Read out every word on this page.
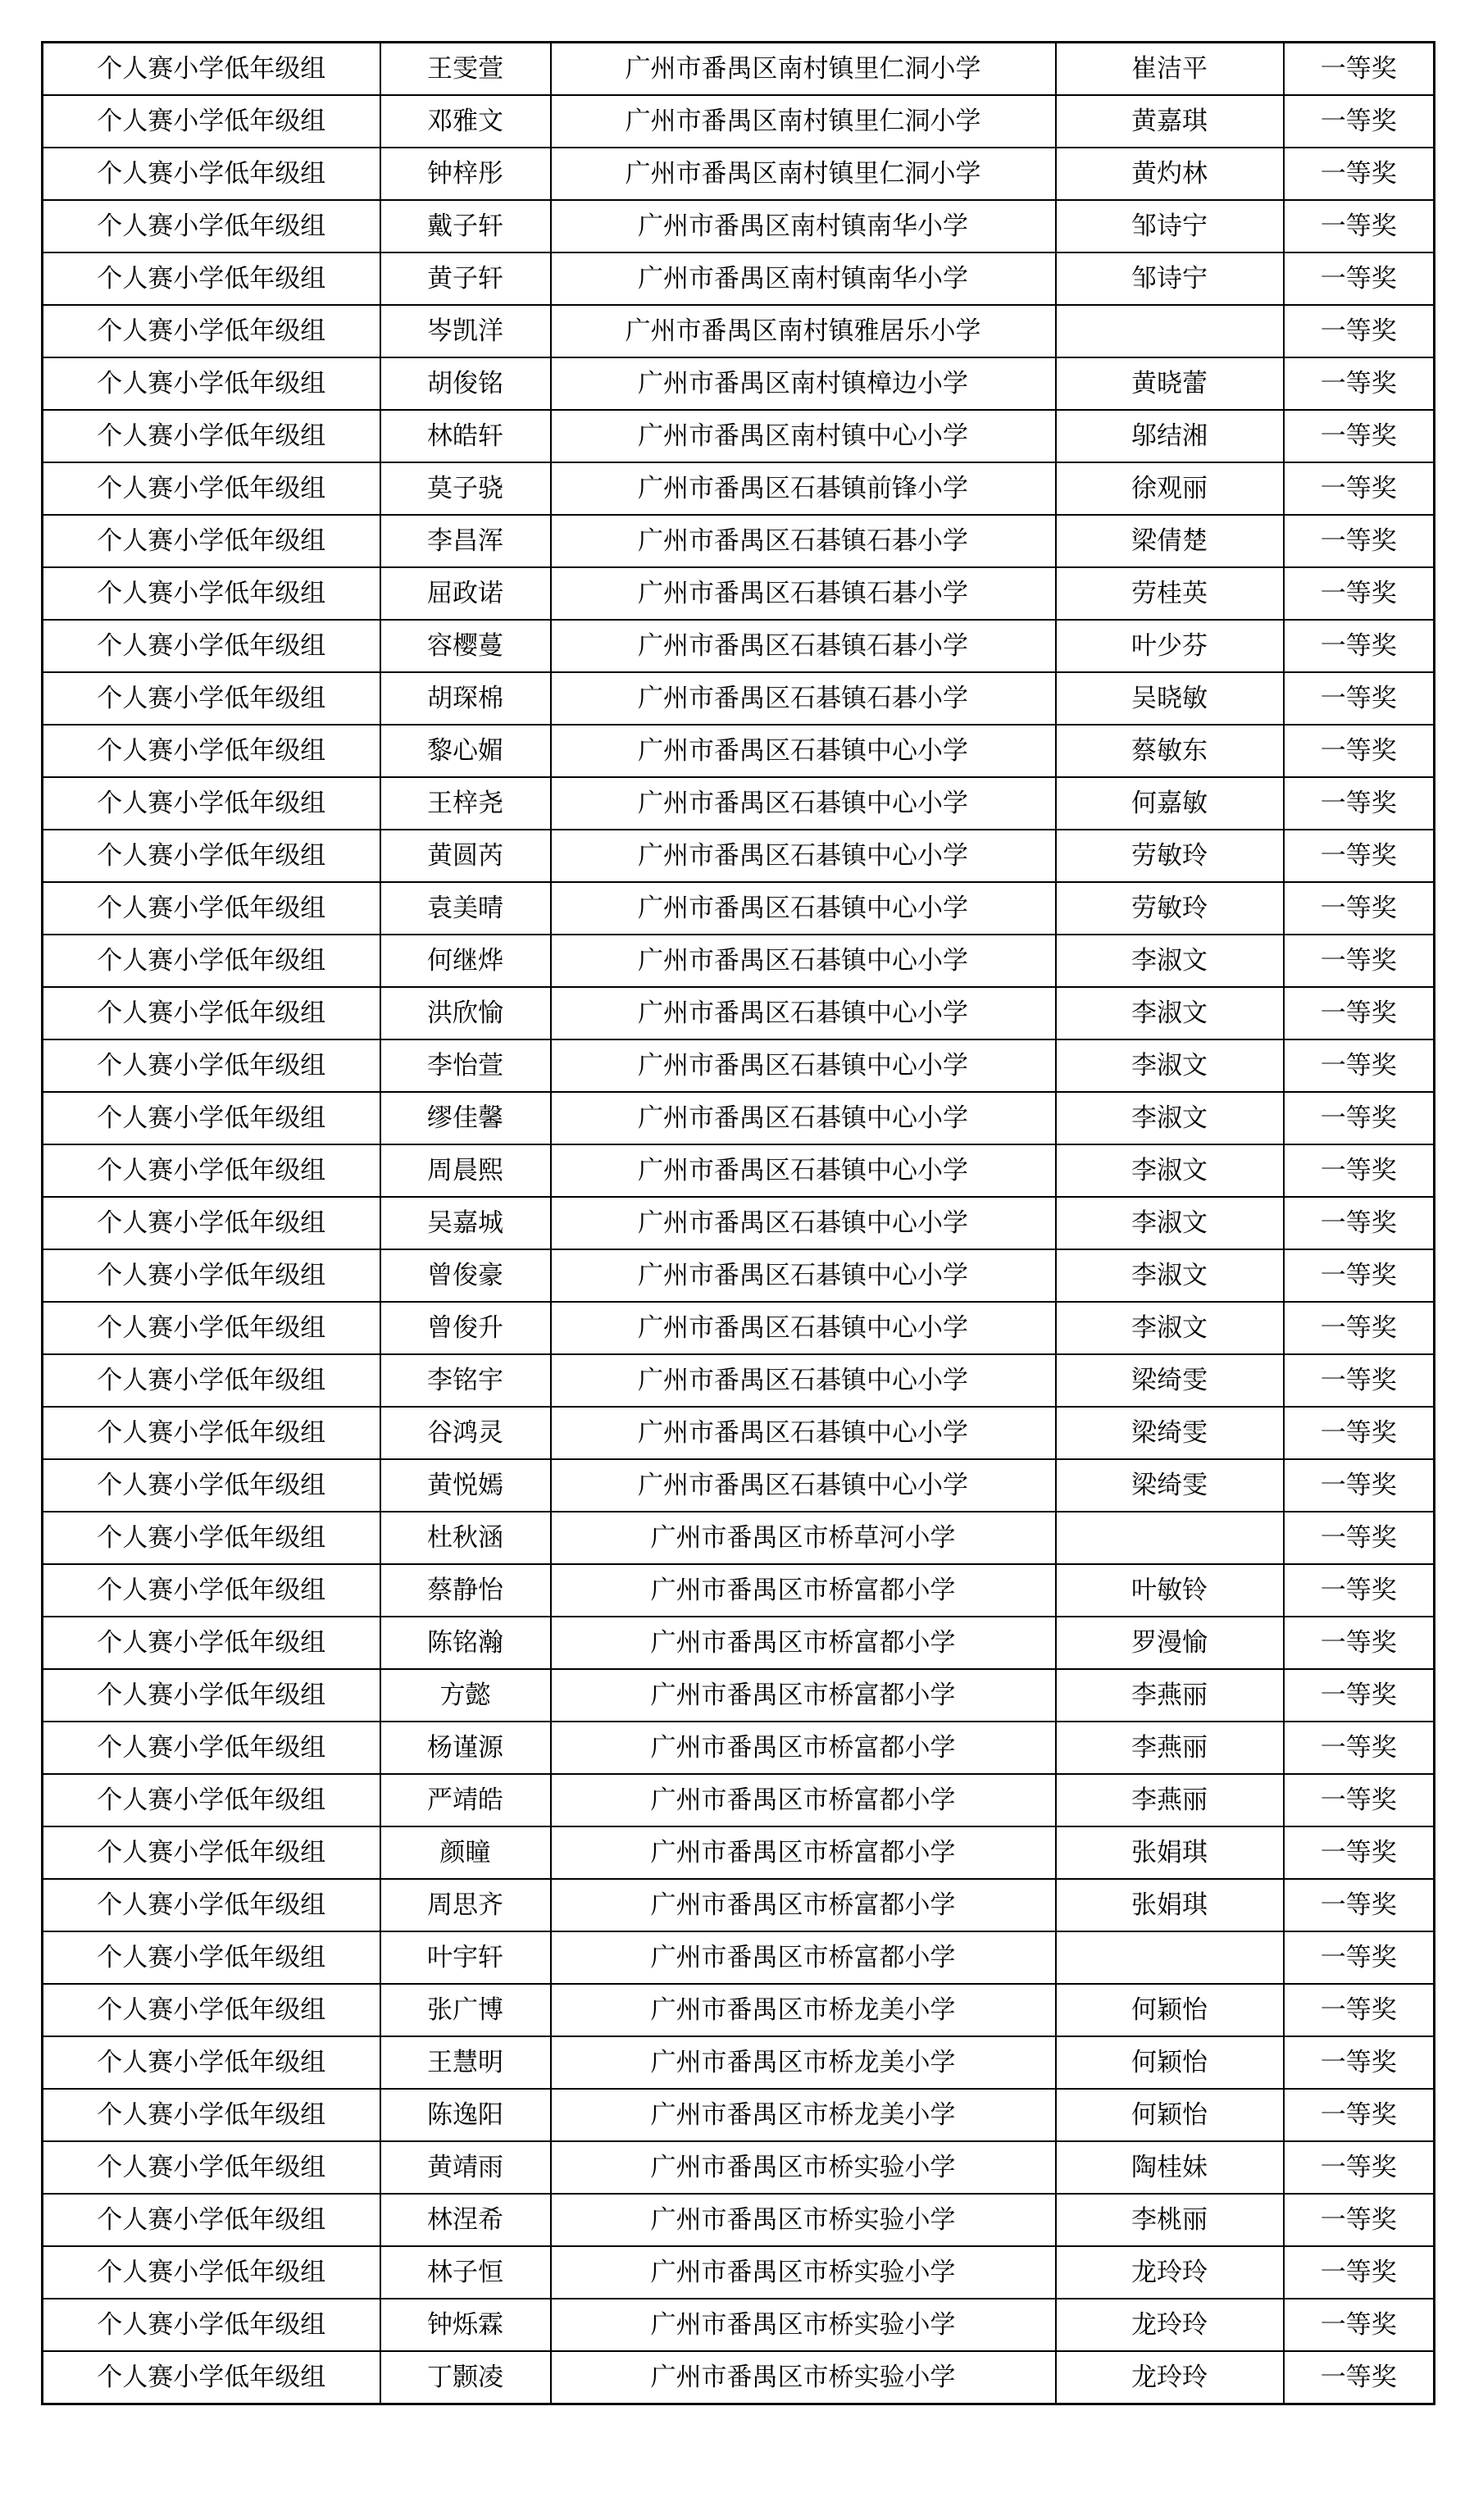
个人赛小学低年级组	王雯萱	广州市番禺区南村镇里仁洞小学	崔洁平	一等奖
个人赛小学低年级组	邓雅文	广州市番禺区南村镇里仁洞小学	黄嘉琪	一等奖
个人赛小学低年级组	钟梓彤	广州市番禺区南村镇里仁洞小学	黄灼林	一等奖
个人赛小学低年级组	戴子轩	广州市番禺区南村镇南华小学	邹诗宁	一等奖
个人赛小学低年级组	黄子轩	广州市番禺区南村镇南华小学	邹诗宁	一等奖
个人赛小学低年级组	岑凯洋	广州市番禺区南村镇雅居乐小学		一等奖
个人赛小学低年级组	胡俊铭	广州市番禺区南村镇樟边小学	黄晓蕾	一等奖
个人赛小学低年级组	林皓轩	广州市番禺区南村镇中心小学	邬结湘	一等奖
个人赛小学低年级组	莫子骁	广州市番禺区石碁镇前锋小学	徐观丽	一等奖
个人赛小学低年级组	李昌浑	广州市番禺区石碁镇石碁小学	梁倩楚	一等奖
个人赛小学低年级组	屈政诺	广州市番禺区石碁镇石碁小学	劳桂英	一等奖
个人赛小学低年级组	容樱蔓	广州市番禺区石碁镇石碁小学	叶少芬	一等奖
个人赛小学低年级组	胡琛棉	广州市番禺区石碁镇石碁小学	吴晓敏	一等奖
个人赛小学低年级组	黎心媚	广州市番禺区石碁镇中心小学	蔡敏东	一等奖
个人赛小学低年级组	王梓尧	广州市番禺区石碁镇中心小学	何嘉敏	一等奖
个人赛小学低年级组	黄圆芮	广州市番禺区石碁镇中心小学	劳敏玲	一等奖
个人赛小学低年级组	袁美晴	广州市番禺区石碁镇中心小学	劳敏玲	一等奖
个人赛小学低年级组	何继烨	广州市番禺区石碁镇中心小学	李淑文	一等奖
个人赛小学低年级组	洪欣愉	广州市番禺区石碁镇中心小学	李淑文	一等奖
个人赛小学低年级组	李怡萱	广州市番禺区石碁镇中心小学	李淑文	一等奖
个人赛小学低年级组	缪佳馨	广州市番禺区石碁镇中心小学	李淑文	一等奖
个人赛小学低年级组	周晨熙	广州市番禺区石碁镇中心小学	李淑文	一等奖
个人赛小学低年级组	吴嘉城	广州市番禺区石碁镇中心小学	李淑文	一等奖
个人赛小学低年级组	曾俊豪	广州市番禺区石碁镇中心小学	李淑文	一等奖
个人赛小学低年级组	曾俊升	广州市番禺区石碁镇中心小学	李淑文	一等奖
个人赛小学低年级组	李铭宇	广州市番禺区石碁镇中心小学	梁绮雯	一等奖
个人赛小学低年级组	谷鸿灵	广州市番禺区石碁镇中心小学	梁绮雯	一等奖
个人赛小学低年级组	黄悦嫣	广州市番禺区石碁镇中心小学	梁绮雯	一等奖
个人赛小学低年级组	杜秋涵	广州市番禺区市桥草河小学		一等奖
个人赛小学低年级组	蔡静怡	广州市番禺区市桥富都小学	叶敏铃	一等奖
个人赛小学低年级组	陈铭瀚	广州市番禺区市桥富都小学	罗漫愉	一等奖
个人赛小学低年级组	方懿	广州市番禺区市桥富都小学	李燕丽	一等奖
个人赛小学低年级组	杨谨源	广州市番禺区市桥富都小学	李燕丽	一等奖
个人赛小学低年级组	严靖皓	广州市番禺区市桥富都小学	李燕丽	一等奖
个人赛小学低年级组	颜瞳	广州市番禺区市桥富都小学	张娟琪	一等奖
个人赛小学低年级组	周思齐	广州市番禺区市桥富都小学	张娟琪	一等奖
个人赛小学低年级组	叶宇轩	广州市番禺区市桥富都小学		一等奖
个人赛小学低年级组	张广博	广州市番禺区市桥龙美小学	何颖怡	一等奖
个人赛小学低年级组	王慧明	广州市番禺区市桥龙美小学	何颖怡	一等奖
个人赛小学低年级组	陈逸阳	广州市番禺区市桥龙美小学	何颖怡	一等奖
个人赛小学低年级组	黄靖雨	广州市番禺区市桥实验小学	陶桂妹	一等奖
个人赛小学低年级组	林涅希	广州市番禺区市桥实验小学	李桃丽	一等奖
个人赛小学低年级组	林子恒	广州市番禺区市桥实验小学	龙玲玲	一等奖
个人赛小学低年级组	钟烁霖	广州市番禺区市桥实验小学	龙玲玲	一等奖
个人赛小学低年级组	丁颢凌	广州市番禺区市桥实验小学	龙玲玲	一等奖
